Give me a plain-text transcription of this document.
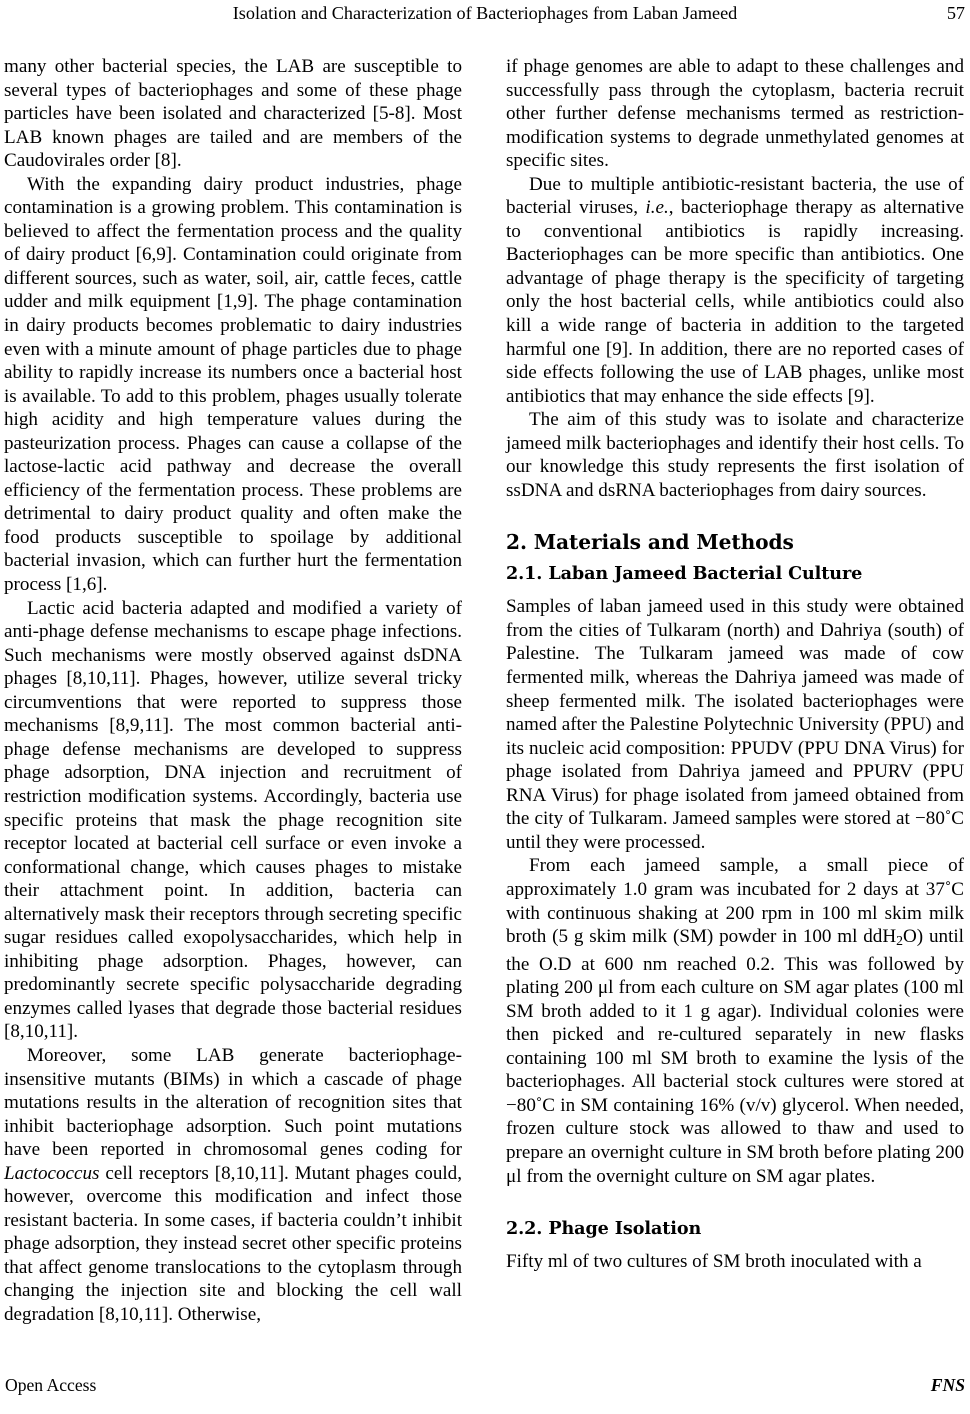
Isolation and Characterization of Bacteriophages from Laban Jameed	57

many other bacterial species, the LAB are susceptible to several types of bacteriophages and some of these phage particles have been isolated and characterized [5-8]. Most LAB known phages are tailed and are members of the Caudovirales order [8].

With the expanding dairy product industries, phage contamination is a growing problem. This contamination is believed to affect the fermentation process and the quality of dairy product [6,9]. Contamination could originate from different sources, such as water, soil, air, cattle feces, cattle udder and milk equipment [1,9]. The phage contamination in dairy products becomes problematic to dairy industries even with a minute amount of phage particles due to phage ability to rapidly increase its numbers once a bacterial host is available. To add to this problem, phages usually tolerate high acidity and high temperature values during the pasteurization process. Phages can cause a collapse of the lactose-lactic acid pathway and decrease the overall efficiency of the fermentation process. These problems are detrimental to dairy product quality and often make the food products susceptible to spoilage by additional bacterial invasion, which can further hurt the fermentation process [1,6].

Lactic acid bacteria adapted and modified a variety of anti-phage defense mechanisms to escape phage infections. Such mechanisms were mostly observed against dsDNA phages [8,10,11]. Phages, however, utilize several tricky circumventions that were reported to suppress those mechanisms [8,9,11]. The most common bacterial anti-phage defense mechanisms are developed to suppress phage adsorption, DNA injection and recruitment of restriction modification systems. Accordingly, bacteria use specific proteins that mask the phage recognition site receptor located at bacterial cell surface or even invoke a conformational change, which causes phages to mistake their attachment point. In addition, bacteria can alternatively mask their receptors through secreting specific sugar residues called exopolysaccharides, which help in inhibiting phage adsorption. Phages, however, can predominantly secrete specific polysaccharide degrading enzymes called lyases that degrade those bacterial residues [8,10,11].

Moreover, some LAB generate bacteriophage-insensitive mutants (BIMs) in which a cascade of phage mutations results in the alteration of recognition sites that inhibit bacteriophage adsorption. Such point mutations have been reported in chromosomal genes coding for Lactococcus cell receptors [8,10,11]. Mutant phages could, however, overcome this modification and infect those resistant bacteria. In some cases, if bacteria couldn’t inhibit phage adsorption, they instead secret other specific proteins that affect genome translocations to the cytoplasm through changing the injection site and blocking the cell wall degradation [8,10,11]. Otherwise,

if phage genomes are able to adapt to these challenges and successfully pass through the cytoplasm, bacteria recruit other further defense mechanisms termed as restriction-modification systems to degrade unmethylated genomes at specific sites.

Due to multiple antibiotic-resistant bacteria, the use of bacterial viruses, i.e., bacteriophage therapy as alternative to conventional antibiotics is rapidly increasing. Bacteriophages can be more specific than antibiotics. One advantage of phage therapy is the specificity of targeting only the host bacterial cells, while antibiotics could also kill a wide range of bacteria in addition to the targeted harmful one [9]. In addition, there are no reported cases of side effects following the use of LAB phages, unlike most antibiotics that may enhance the side effects [9].

The aim of this study was to isolate and characterize jameed milk bacteriophages and identify their host cells. To our knowledge this study represents the first isolation of ssDNA and dsRNA bacteriophages from dairy sources.

2. Materials and Methods
2.1. Laban Jameed Bacterial Culture

Samples of laban jameed used in this study were obtained from the cities of Tulkaram (north) and Dahriya (south) of Palestine. The Tulkaram jameed was made of cow fermented milk, whereas the Dahriya jameed was made of sheep fermented milk. The isolated bacteriophages were named after the Palestine Polytechnic University (PPU) and its nucleic acid composition: PPUDV (PPU DNA Virus) for phage isolated from Dahriya jameed and PPURV (PPU RNA Virus) for phage isolated from jameed obtained from the city of Tulkaram. Jameed samples were stored at −80˚C until they were processed.

From each jameed sample, a small piece of approximately 1.0 gram was incubated for 2 days at 37˚C with continuous shaking at 200 rpm in 100 ml skim milk broth (5 g skim milk (SM) powder in 100 ml ddH$_2$O) until the O.D at 600 nm reached 0.2. This was followed by plating 200 μl from each culture on SM agar plates (100 ml SM broth added to it 1 g agar). Individual colonies were then picked and re-cultured separately in new flasks containing 100 ml SM broth to examine the lysis of the bacteriophages. All bacterial stock cultures were stored at −80˚C in SM containing 16% (v/v) glycerol. When needed, frozen culture stock was allowed to thaw and used to prepare an overnight culture in SM broth before plating 200 μl from the overnight culture on SM agar plates.

2.2. Phage Isolation

Fifty ml of two cultures of SM broth inoculated with a

Open Access	FNS
